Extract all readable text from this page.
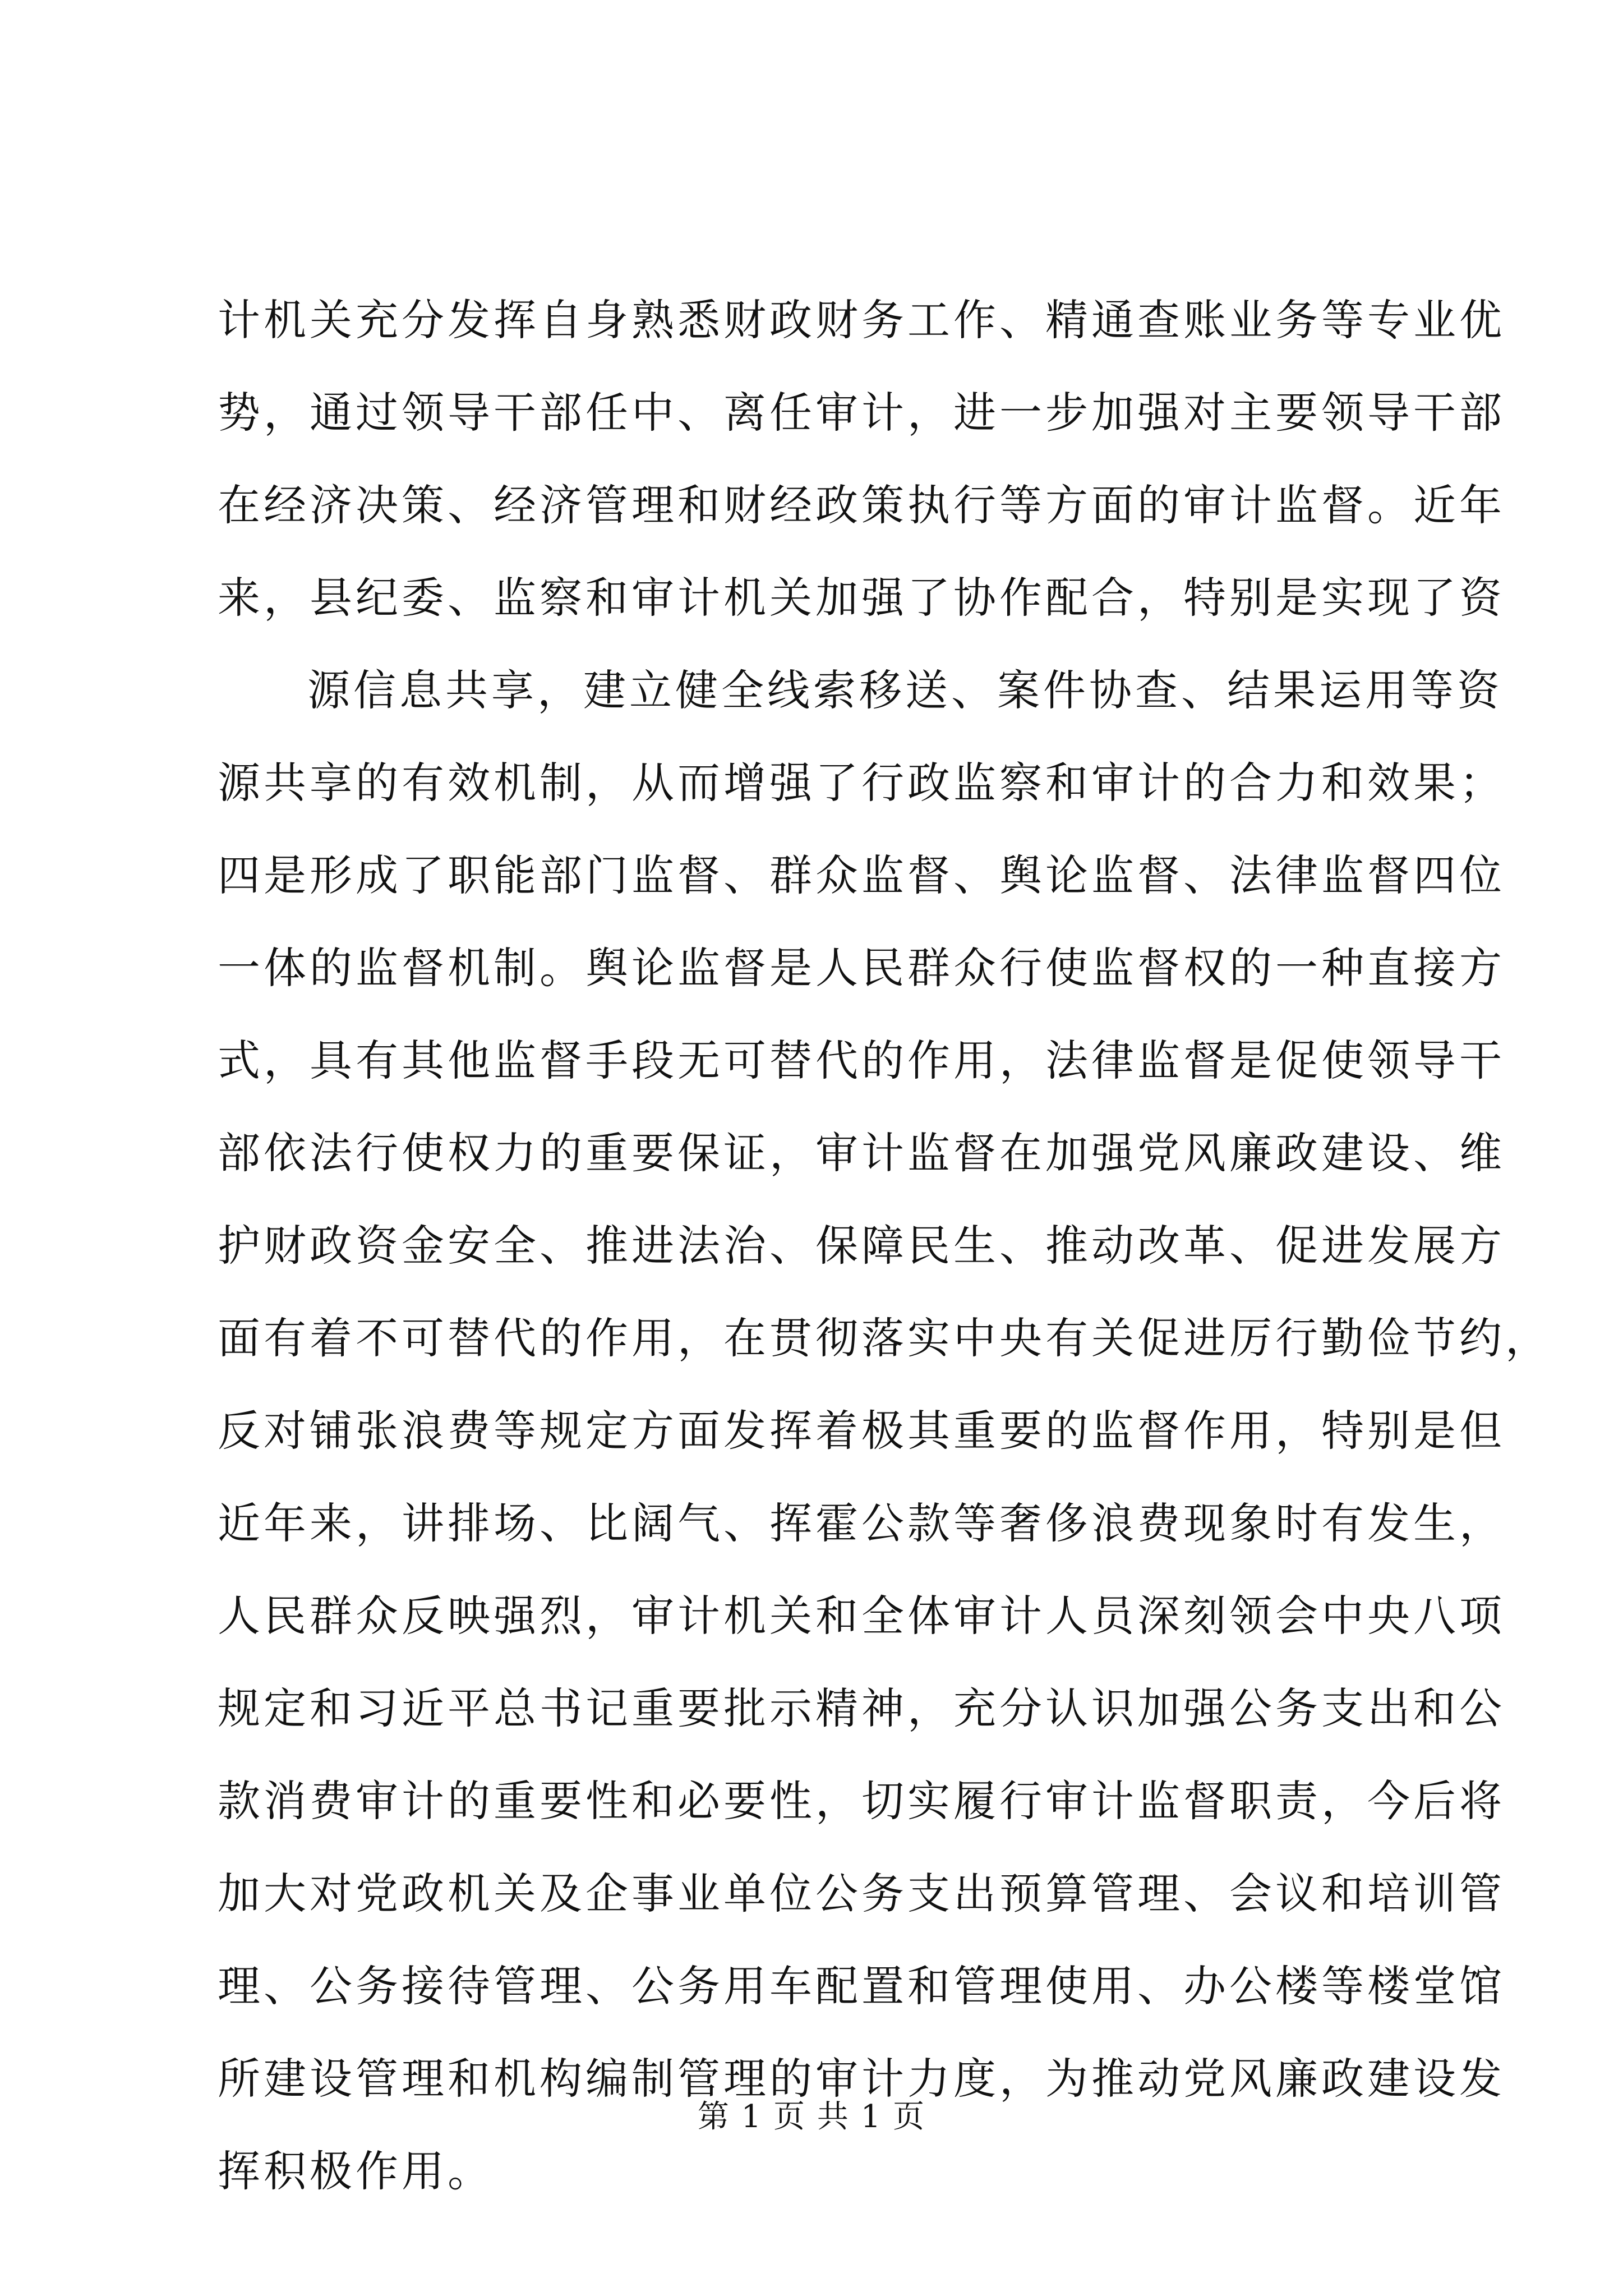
计机关充分发挥自身熟悉财政财务工作、精通查账业务等专业优
势，通过领导干部任中、离任审计，进一步加强对主要领导干部
在经济决策、经济管理和财经政策执行等方面的审计监督。近年
来，县纪委、监察和审计机关加强了协作配合，特别是实现了资
源信息共享，建立健全线索移送、案件协查、结果运用等资
源共享的有效机制，从而增强了行政监察和审计的合力和效果；
四是形成了职能部门监督、群众监督、舆论监督、法律监督四位
一体的监督机制。舆论监督是人民群众行使监督权的一种直接方
式，具有其他监督手段无可替代的作用，法律监督是促使领导干
部依法行使权力的重要保证，审计监督在加强党风廉政建设、维
护财政资金安全、推进法治、保障民生、推动改革、促进发展方
面有着不可替代的作用，在贯彻落实中央有关促进厉行勤俭节约，
反对铺张浪费等规定方面发挥着极其重要的监督作用，特别是但
近年来，讲排场、比阔气、挥霍公款等奢侈浪费现象时有发生，
人民群众反映强烈，审计机关和全体审计人员深刻领会中央八项
规定和习近平总书记重要批示精神，充分认识加强公务支出和公
款消费审计的重要性和必要性，切实履行审计监督职责，今后将
加大对党政机关及企事业单位公务支出预算管理、会议和培训管
理、公务接待管理、公务用车配置和管理使用、办公楼等楼堂馆
所建设管理和机构编制管理的审计力度，为推动党风廉政建设发
挥积极作用。
第 1 页 共 1 页
